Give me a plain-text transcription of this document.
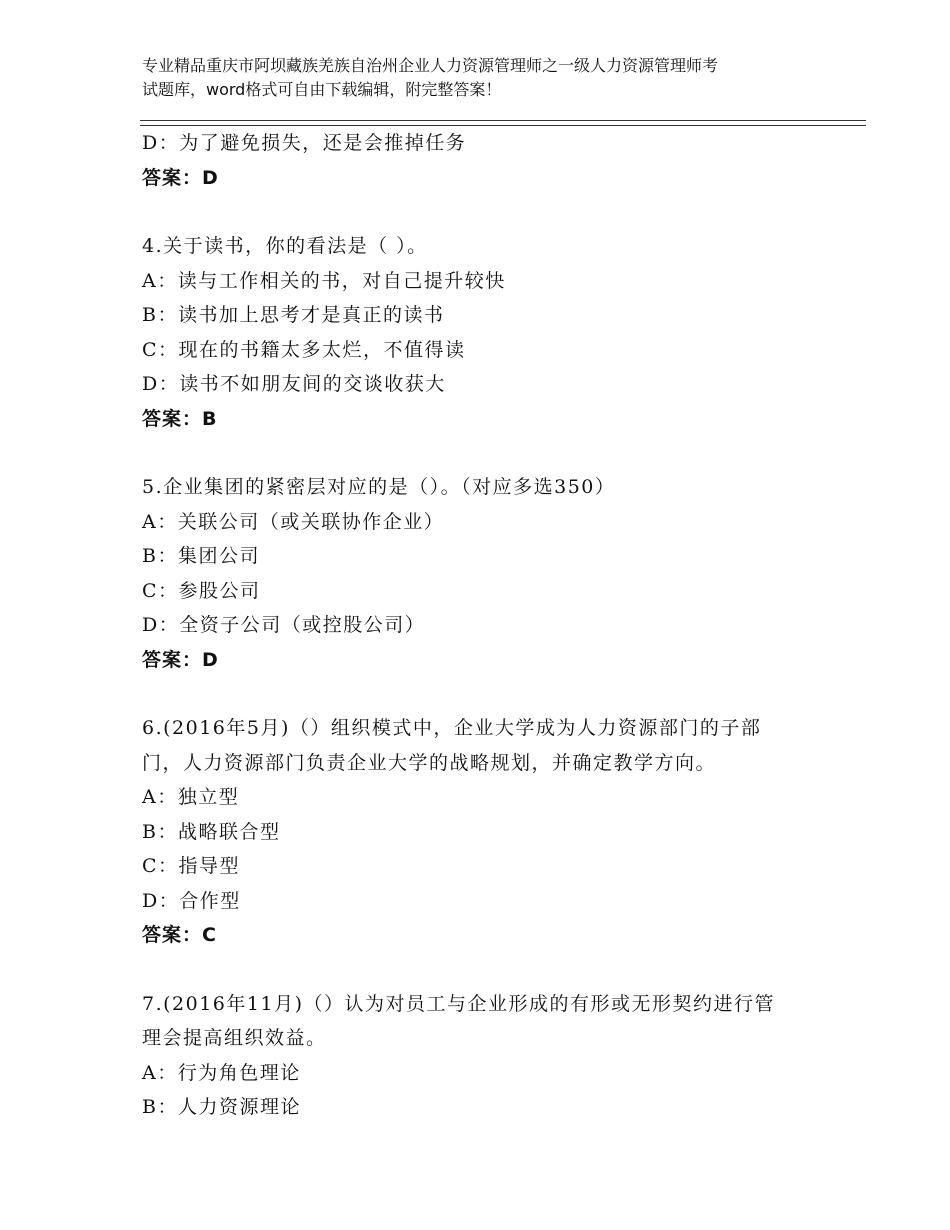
专业精品重庆市阿坝藏族羌族自治州企业人力资源管理师之一级人力资源管理师考
试题库，word格式可自由下载编辑，附完整答案！
D：为了避免损失，还是会推掉任务
答案：D
4.关于读书，你的看法是（ ）。
A：读与工作相关的书，对自己提升较快
B：读书加上思考才是真正的读书
C：现在的书籍太多太烂，不值得读
D：读书不如朋友间的交谈收获大
答案：B
5.企业集团的紧密层对应的是（）。（对应多选350）
A：关联公司（或关联协作企业）
B：集团公司
C：参股公司
D：全资子公司（或控股公司）
答案：D
6.(2016年5月)（）组织模式中，企业大学成为人力资源部门的子部
门，人力资源部门负责企业大学的战略规划，并确定教学方向。
A：独立型
B：战略联合型
C：指导型
D：合作型
答案：C
7.(2016年11月)（）认为对员工与企业形成的有形或无形契约进行管
理会提高组织效益。
A：行为角色理论
B：人力资源理论
